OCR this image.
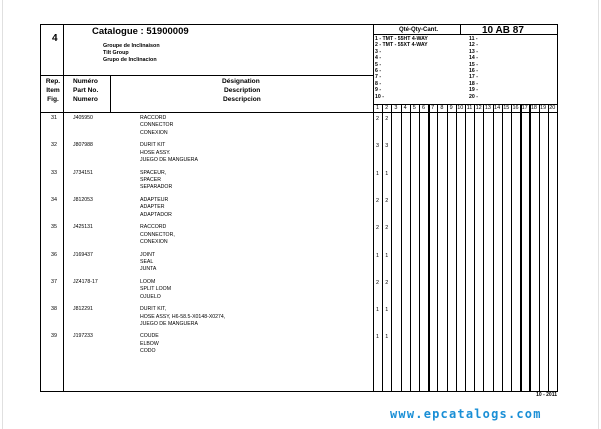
4
Catalogue : 51900009
Groupe de Inclinaison
Tilt Group
Grupo de Inclinacion
Qté-Qty-Cant.	10 AB 87
1 - TMT - 55HT 4-WAY
2 - TMT - 55XT 4-WAY
3 -
4 -
5 -
6 -
7 -
8 -
9 -
10 -
11 -
12 -
13 -
14 -
15 -
16 -
17 -
18 -
19 -
20 -
Rep.
Item
Fig.
Numéro
Part No.
Numero
Désignation
Description
Descripcion
1	2	3	4	5	6	7	8	9 10 11 12 13 14 15 16 17 18 19 20
31	J405950	RACCORD
CONNECTOR
CONEXION
2	2
32	J807988	DURIT KIT
HOSE ASSY.
JUEGO DE MANGUERA
3	3
33	J734151	SPACEUR,
SPACER
SEPARADOR
1	1
34	J812053	ADAPTEUR
ADAPTER
ADAPTADOR
2	2
35	J425131	RACCORD
CONNECTOR,
CONEXION
2	2
36	J169437	JOINT
SEAL
JUNTA
1	1
37	JZ4178-17	LOOM
SPLIT LOOM
OJUELO
2	2
38	J812291	DURIT KIT,
HOSE ASSY, H6-58.5-X0148-X0274,
JUEGO DE MANGUERA
1	1
39	J197233	COUDE
ELBOW
CODO
1	1
10 - 2011
www.epcatalogs.com
